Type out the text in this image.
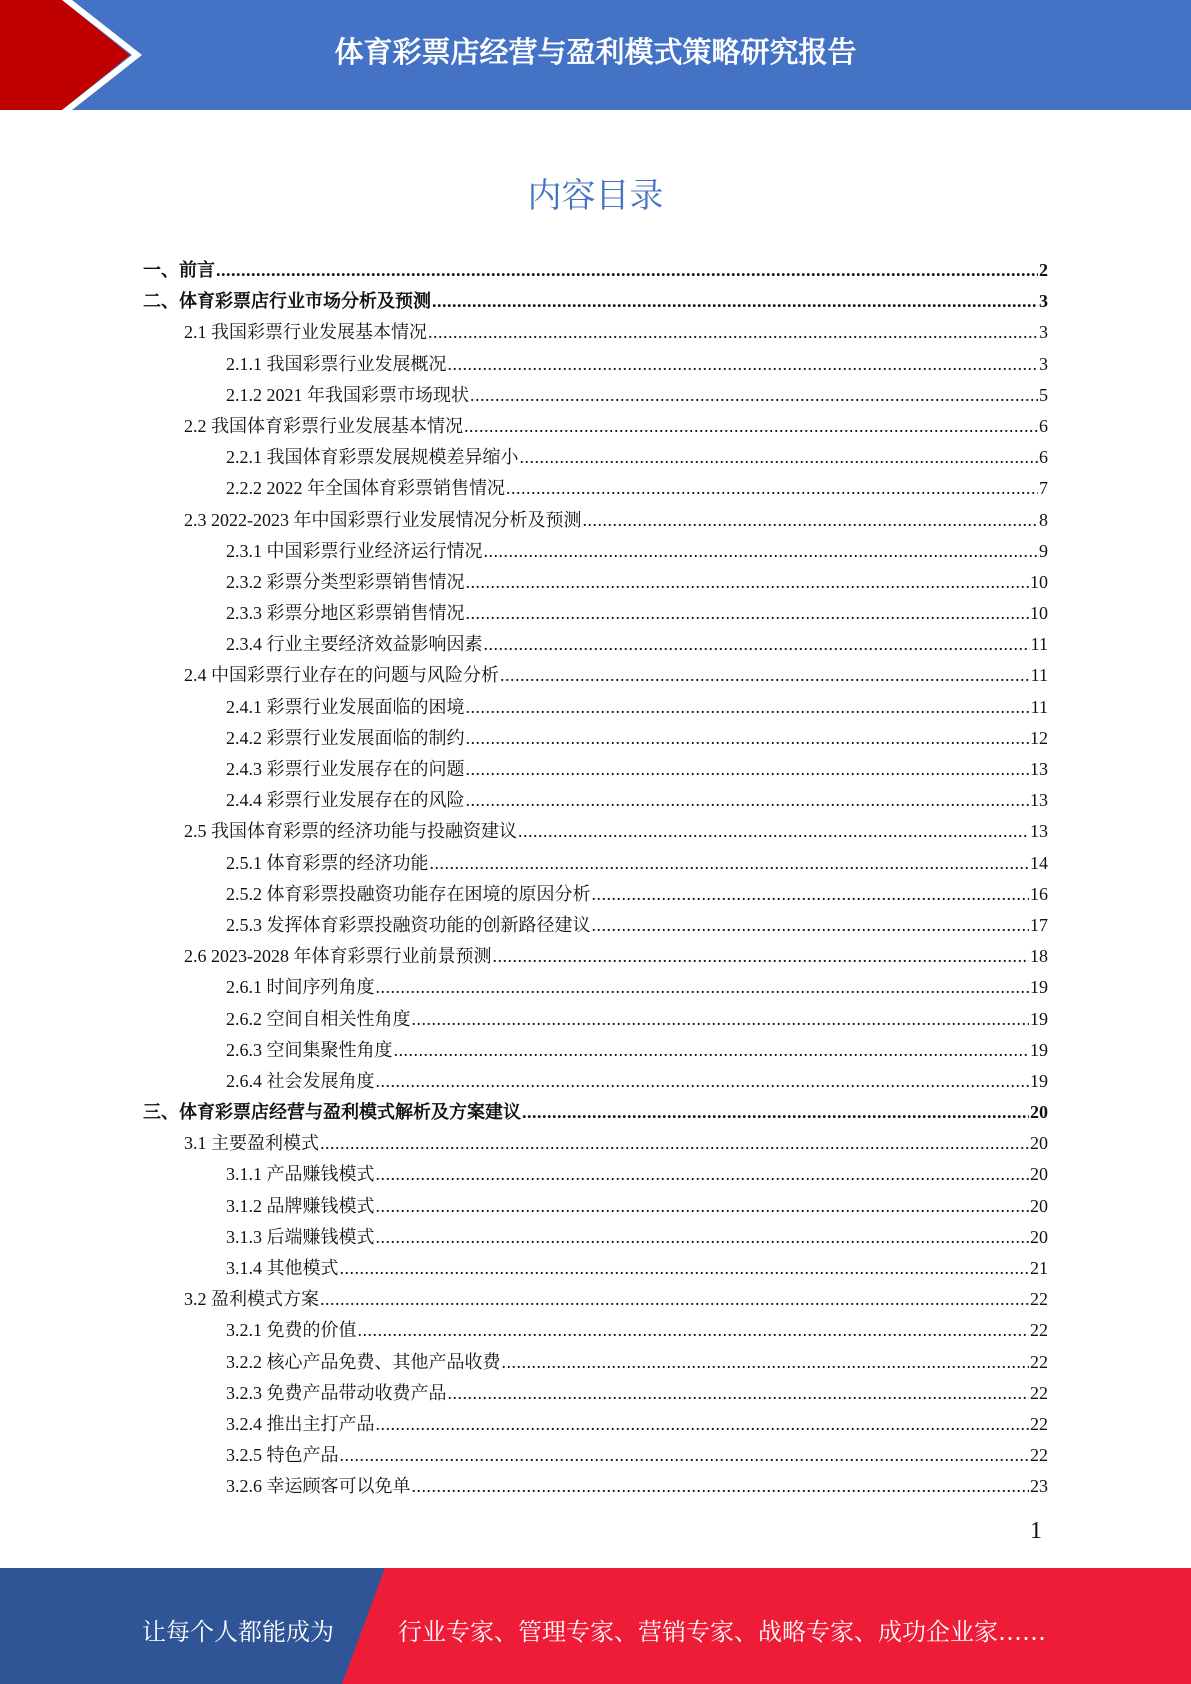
体育彩票店经营与盈利模式策略研究报告
内容目录
一、前言 .....	2
二、体育彩票店行业市场分析及预测 .....	3
2.1 我国彩票行业发展基本情况 .....	3
2.1.1 我国彩票行业发展概况 .....	3
2.1.2 2021 年我国彩票市场现状 .....	5
2.2 我国体育彩票行业发展基本情况 .....	6
2.2.1 我国体育彩票发展规模差异缩小 .....	6
2.2.2 2022 年全国体育彩票销售情况 .....	7
2.3 2022-2023 年中国彩票行业发展情况分析及预测 .....	8
2.3.1 中国彩票行业经济运行情况 .....	9
2.3.2 彩票分类型彩票销售情况 .....	10
2.3.3 彩票分地区彩票销售情况 .....	10
2.3.4 行业主要经济效益影响因素 .....	11
2.4 中国彩票行业存在的问题与风险分析 .....	11
2.4.1 彩票行业发展面临的困境 .....	11
2.4.2 彩票行业发展面临的制约 .....	12
2.4.3 彩票行业发展存在的问题 .....	13
2.4.4 彩票行业发展存在的风险 .....	13
2.5 我国体育彩票的经济功能与投融资建议 .....	13
2.5.1 体育彩票的经济功能 .....	14
2.5.2 体育彩票投融资功能存在困境的原因分析 .....	16
2.5.3 发挥体育彩票投融资功能的创新路径建议 .....	17
2.6 2023-2028 年体育彩票行业前景预测 .....	18
2.6.1 时间序列角度 .....	19
2.6.2 空间自相关性角度 .....	19
2.6.3 空间集聚性角度 .....	19
2.6.4 社会发展角度 .....	19
三、体育彩票店经营与盈利模式解析及方案建议 .....	20
3.1 主要盈利模式 .....	20
3.1.1 产品赚钱模式 .....	20
3.1.2 品牌赚钱模式 .....	20
3.1.3 后端赚钱模式 .....	20
3.1.4 其他模式 .....	21
3.2 盈利模式方案 .....	22
3.2.1 免费的价值 .....	22
3.2.2 核心产品免费、其他产品收费 .....	22
3.2.3 免费产品带动收费产品 .....	22
3.2.4 推出主打产品 .....	22
3.2.5 特色产品 .....	22
3.2.6 幸运顾客可以免单 .....	23
1
让每个人都能成为	行业专家、管理专家、营销专家、战略专家、成功企业家……
